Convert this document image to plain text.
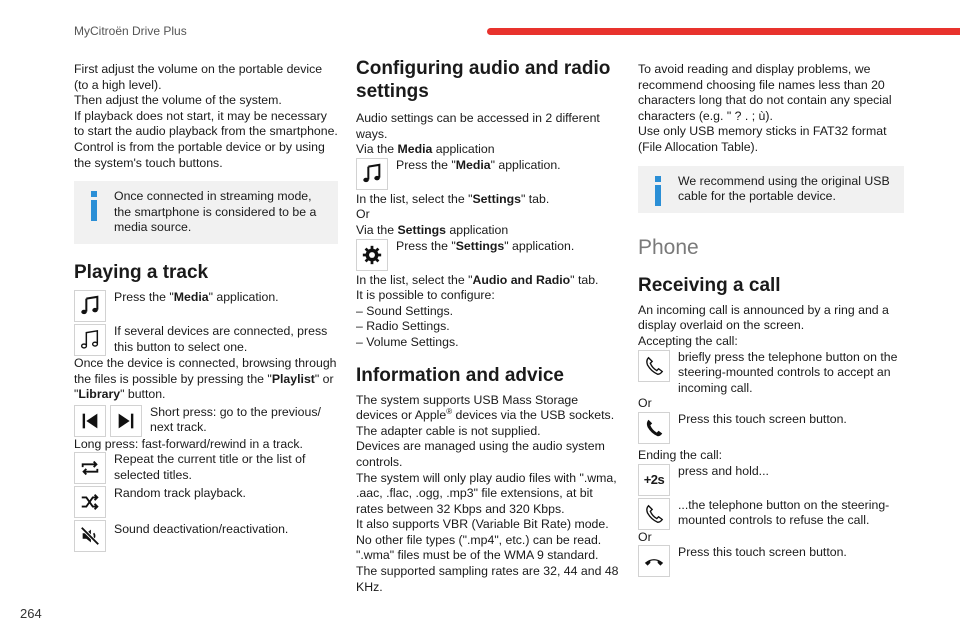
MyCitroën Drive Plus

First adjust the volume on the portable device (to a high level).

Then adjust the volume of the system.

If playback does not start, it may be necessary to start the audio playback from the smartphone.

Control is from the portable device or by using the system's touch buttons.

Once connected in streaming mode, the smartphone is considered to be a media source.

Playing a track

Press the "Media" application.

If several devices are connected, press this button to select one.

Once the device is connected, browsing through the files is possible by pressing the "Playlist" or "Library" button.

Short press: go to the previous/ next track.

Long press: fast-forward/rewind in a track.

Repeat the current title or the list of selected titles.

Random track playback.

Sound deactivation/reactivation.

Configuring audio and radio settings

Audio settings can be accessed in 2 different ways.

Via the Media application

Press the "Media" application.

In the list, select the "Settings" tab.

Or

Via the Settings application

Press the "Settings" application.

In the list, select the "Audio and Radio" tab.

It is possible to configure:

– Sound Settings.

– Radio Settings.

– Volume Settings.

Information and advice

The system supports USB Mass Storage devices or Apple® devices via the USB sockets. The adapter cable is not supplied.

Devices are managed using the audio system controls.

The system will only play audio files with ".wma, .aac, .flac, .ogg, .mp3" file extensions, at bit rates between 32 Kbps and 320 Kbps.

It also supports VBR (Variable Bit Rate) mode.

No other file types (".mp4", etc.) can be read.

".wma" files must be of the WMA 9 standard.

The supported sampling rates are 32, 44 and 48 KHz.

To avoid reading and display problems, we recommend choosing file names less than 20 characters long that do not contain any special characters (e.g. " ? . ; ù).

Use only USB memory sticks in FAT32 format (File Allocation Table).

We recommend using the original USB cable for the portable device.

Phone
Receiving a call

An incoming call is announced by a ring and a display overlaid on the screen.

Accepting the call:

briefly press the telephone button on the steering-mounted controls to accept an incoming call.

Or

Press this touch screen button.

Ending the call:

+2s

press and hold...

...the telephone button on the steering-mounted controls to refuse the call.

Or

Press this touch screen button.

264
